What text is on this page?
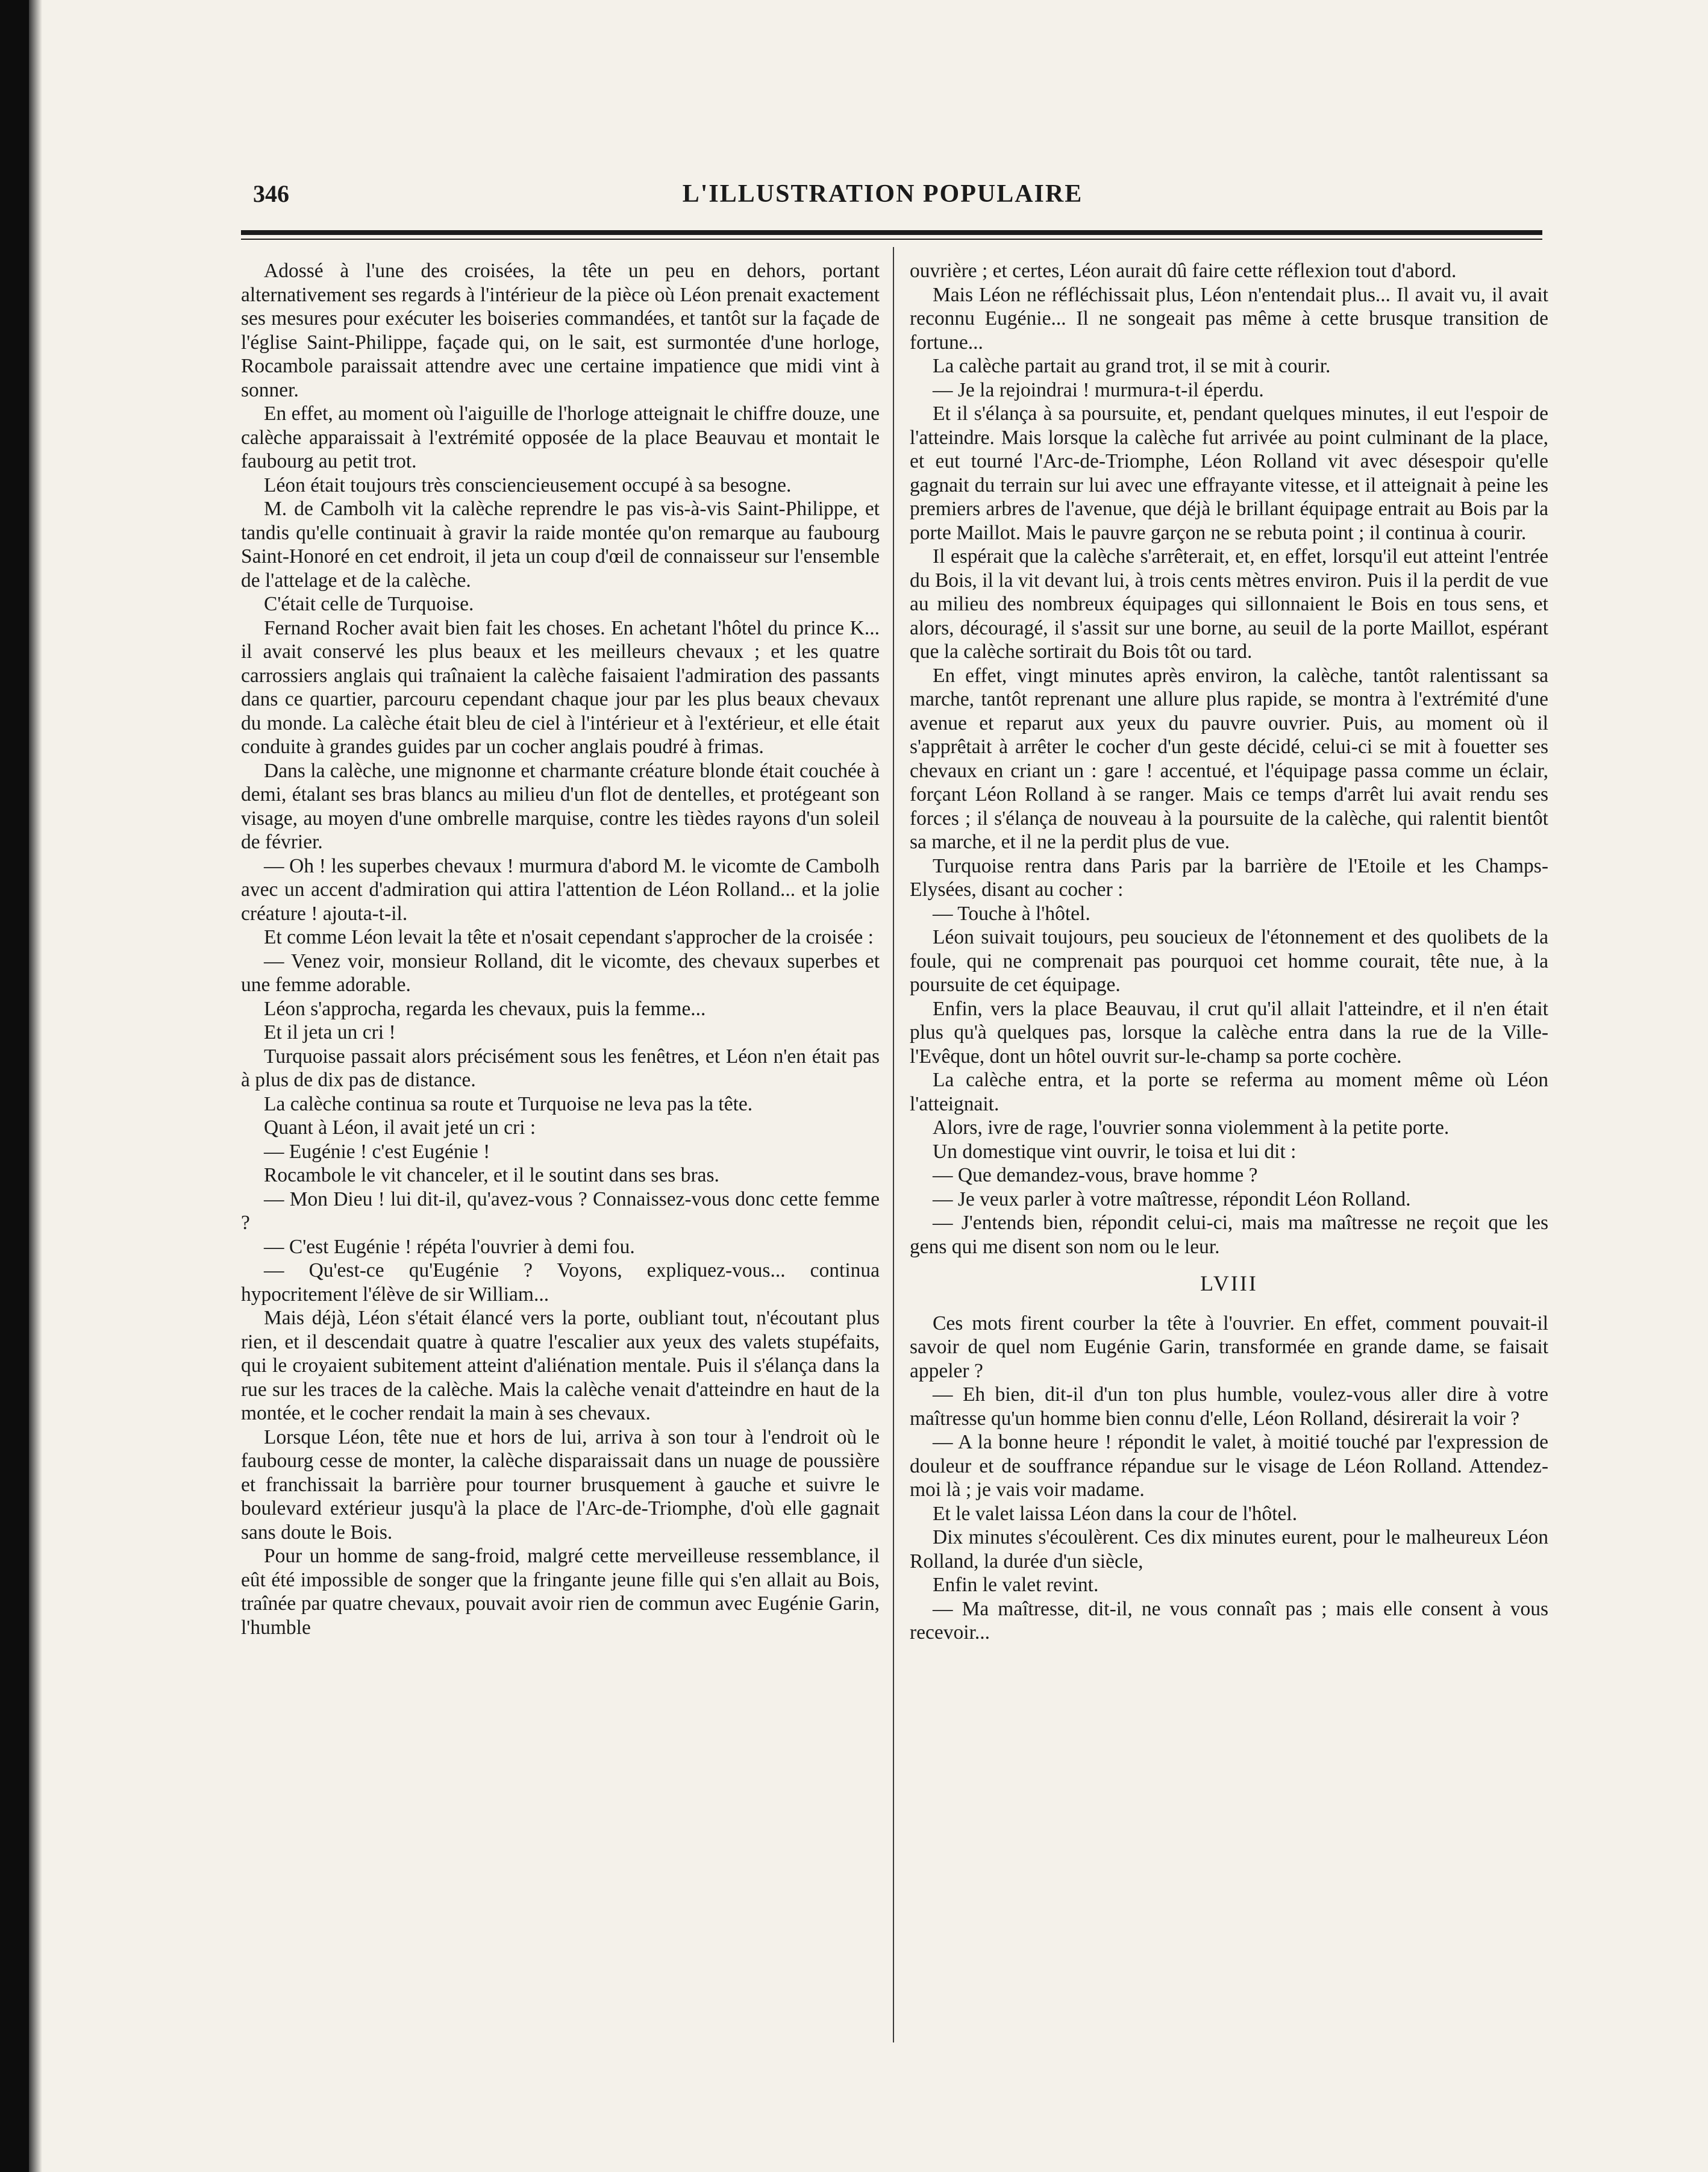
346	L'ILLUSTRATION POPULAIRE

Adossé à l'une des croisées, la tête un peu en dehors, portant alternativement ses regards à l'intérieur de la pièce où Léon prenait exactement ses mesures pour exécuter les boiseries commandées, et tantôt sur la façade de l'église Saint-Philippe, façade qui, on le sait, est surmontée d'une horloge, Rocambole paraissait attendre avec une certaine impatience que midi vint à sonner.

En effet, au moment où l'aiguille de l'horloge atteignait le chiffre douze, une calèche apparaissait à l'extrémité opposée de la place Beauvau et montait le faubourg au petit trot.

Léon était toujours très consciencieusement occupé à sa besogne.

M. de Cambolh vit la calèche reprendre le pas vis-à-vis Saint-Philippe, et tandis qu'elle continuait à gravir la raide montée qu'on remarque au faubourg Saint-Honoré en cet endroit, il jeta un coup d'œil de connaisseur sur l'ensemble de l'attelage et de la calèche.

C'était celle de Turquoise.

Fernand Rocher avait bien fait les choses. En achetant l'hôtel du prince K... il avait conservé les plus beaux et les meilleurs chevaux ; et les quatre carrossiers anglais qui traînaient la calèche faisaient l'admiration des passants dans ce quartier, parcouru cependant chaque jour par les plus beaux chevaux du monde. La calèche était bleu de ciel à l'intérieur et à l'extérieur, et elle était conduite à grandes guides par un cocher anglais poudré à frimas.

Dans la calèche, une mignonne et charmante créature blonde était couchée à demi, étalant ses bras blancs au milieu d'un flot de dentelles, et protégeant son visage, au moyen d'une ombrelle marquise, contre les tièdes rayons d'un soleil de février.

— Oh ! les superbes chevaux ! murmura d'abord M. le vicomte de Cambolh avec un accent d'admiration qui attira l'attention de Léon Rolland... et la jolie créature ! ajouta-t-il.

Et comme Léon levait la tête et n'osait cependant s'approcher de la croisée :

— Venez voir, monsieur Rolland, dit le vicomte, des chevaux superbes et une femme adorable.

Léon s'approcha, regarda les chevaux, puis la femme...

Et il jeta un cri !

Turquoise passait alors précisément sous les fenêtres, et Léon n'en était pas à plus de dix pas de distance.

La calèche continua sa route et Turquoise ne leva pas la tête.

Quant à Léon, il avait jeté un cri :

— Eugénie ! c'est Eugénie !

Rocambole le vit chanceler, et il le soutint dans ses bras.

— Mon Dieu ! lui dit-il, qu'avez-vous ? Connaissez-vous donc cette femme ?

— C'est Eugénie ! répéta l'ouvrier à demi fou.

— Qu'est-ce qu'Eugénie ? Voyons, expliquez-vous... continua hypocritement l'élève de sir William...

Mais déjà, Léon s'était élancé vers la porte, oubliant tout, n'écoutant plus rien, et il descendait quatre à quatre l'escalier aux yeux des valets stupéfaits, qui le croyaient subitement atteint d'aliénation mentale. Puis il s'élança dans la rue sur les traces de la calèche. Mais la calèche venait d'atteindre en haut de la montée, et le cocher rendait la main à ses chevaux.

Lorsque Léon, tête nue et hors de lui, arriva à son tour à l'endroit où le faubourg cesse de monter, la calèche disparaissait dans un nuage de poussière et franchissait la barrière pour tourner brusquement à gauche et suivre le boulevard extérieur jusqu'à la place de l'Arc-de-Triomphe, d'où elle gagnait sans doute le Bois.

Pour un homme de sang-froid, malgré cette merveilleuse ressemblance, il eût été impossible de songer que la fringante jeune fille qui s'en allait au Bois, traînée par quatre chevaux, pouvait avoir rien de commun avec Eugénie Garin, l'humble

ouvrière ; et certes, Léon aurait dû faire cette réflexion tout d'abord.

Mais Léon ne réfléchissait plus, Léon n'entendait plus... Il avait vu, il avait reconnu Eugénie... Il ne songeait pas même à cette brusque transition de fortune...

La calèche partait au grand trot, il se mit à courir.

— Je la rejoindrai ! murmura-t-il éperdu.

Et il s'élança à sa poursuite, et, pendant quelques minutes, il eut l'espoir de l'atteindre. Mais lorsque la calèche fut arrivée au point culminant de la place, et eut tourné l'Arc-de-Triomphe, Léon Rolland vit avec désespoir qu'elle gagnait du terrain sur lui avec une effrayante vitesse, et il atteignait à peine les premiers arbres de l'avenue, que déjà le brillant équipage entrait au Bois par la porte Maillot. Mais le pauvre garçon ne se rebuta point ; il continua à courir.

Il espérait que la calèche s'arrêterait, et, en effet, lorsqu'il eut atteint l'entrée du Bois, il la vit devant lui, à trois cents mètres environ. Puis il la perdit de vue au milieu des nombreux équipages qui sillonnaient le Bois en tous sens, et alors, découragé, il s'assit sur une borne, au seuil de la porte Maillot, espérant que la calèche sortirait du Bois tôt ou tard.

En effet, vingt minutes après environ, la calèche, tantôt ralentissant sa marche, tantôt reprenant une allure plus rapide, se montra à l'extrémité d'une avenue et reparut aux yeux du pauvre ouvrier. Puis, au moment où il s'apprêtait à arrêter le cocher d'un geste décidé, celui-ci se mit à fouetter ses chevaux en criant un : gare ! accentué, et l'équipage passa comme un éclair, forçant Léon Rolland à se ranger. Mais ce temps d'arrêt lui avait rendu ses forces ; il s'élança de nouveau à la poursuite de la calèche, qui ralentit bientôt sa marche, et il ne la perdit plus de vue.

Turquoise rentra dans Paris par la barrière de l'Etoile et les Champs-Elysées, disant au cocher :

— Touche à l'hôtel.

Léon suivait toujours, peu soucieux de l'étonnement et des quolibets de la foule, qui ne comprenait pas pourquoi cet homme courait, tête nue, à la poursuite de cet équipage.

Enfin, vers la place Beauvau, il crut qu'il allait l'atteindre, et il n'en était plus qu'à quelques pas, lorsque la calèche entra dans la rue de la Ville-l'Evêque, dont un hôtel ouvrit sur-le-champ sa porte cochère.

La calèche entra, et la porte se referma au moment même où Léon l'atteignait.

Alors, ivre de rage, l'ouvrier sonna violemment à la petite porte.

Un domestique vint ouvrir, le toisa et lui dit :

— Que demandez-vous, brave homme ?

— Je veux parler à votre maîtresse, répondit Léon Rolland.

— J'entends bien, répondit celui-ci, mais ma maîtresse ne reçoit que les gens qui me disent son nom ou le leur.

LVIII

Ces mots firent courber la tête à l'ouvrier. En effet, comment pouvait-il savoir de quel nom Eugénie Garin, transformée en grande dame, se faisait appeler ?

— Eh bien, dit-il d'un ton plus humble, voulez-vous aller dire à votre maîtresse qu'un homme bien connu d'elle, Léon Rolland, désirerait la voir ?

— A la bonne heure ! répondit le valet, à moitié touché par l'expression de douleur et de souffrance répandue sur le visage de Léon Rolland. Attendez-moi là ; je vais voir madame.

Et le valet laissa Léon dans la cour de l'hôtel.

Dix minutes s'écoulèrent. Ces dix minutes eurent, pour le malheureux Léon Rolland, la durée d'un siècle,

Enfin le valet revint.

— Ma maîtresse, dit-il, ne vous connaît pas ; mais elle consent à vous recevoir...
